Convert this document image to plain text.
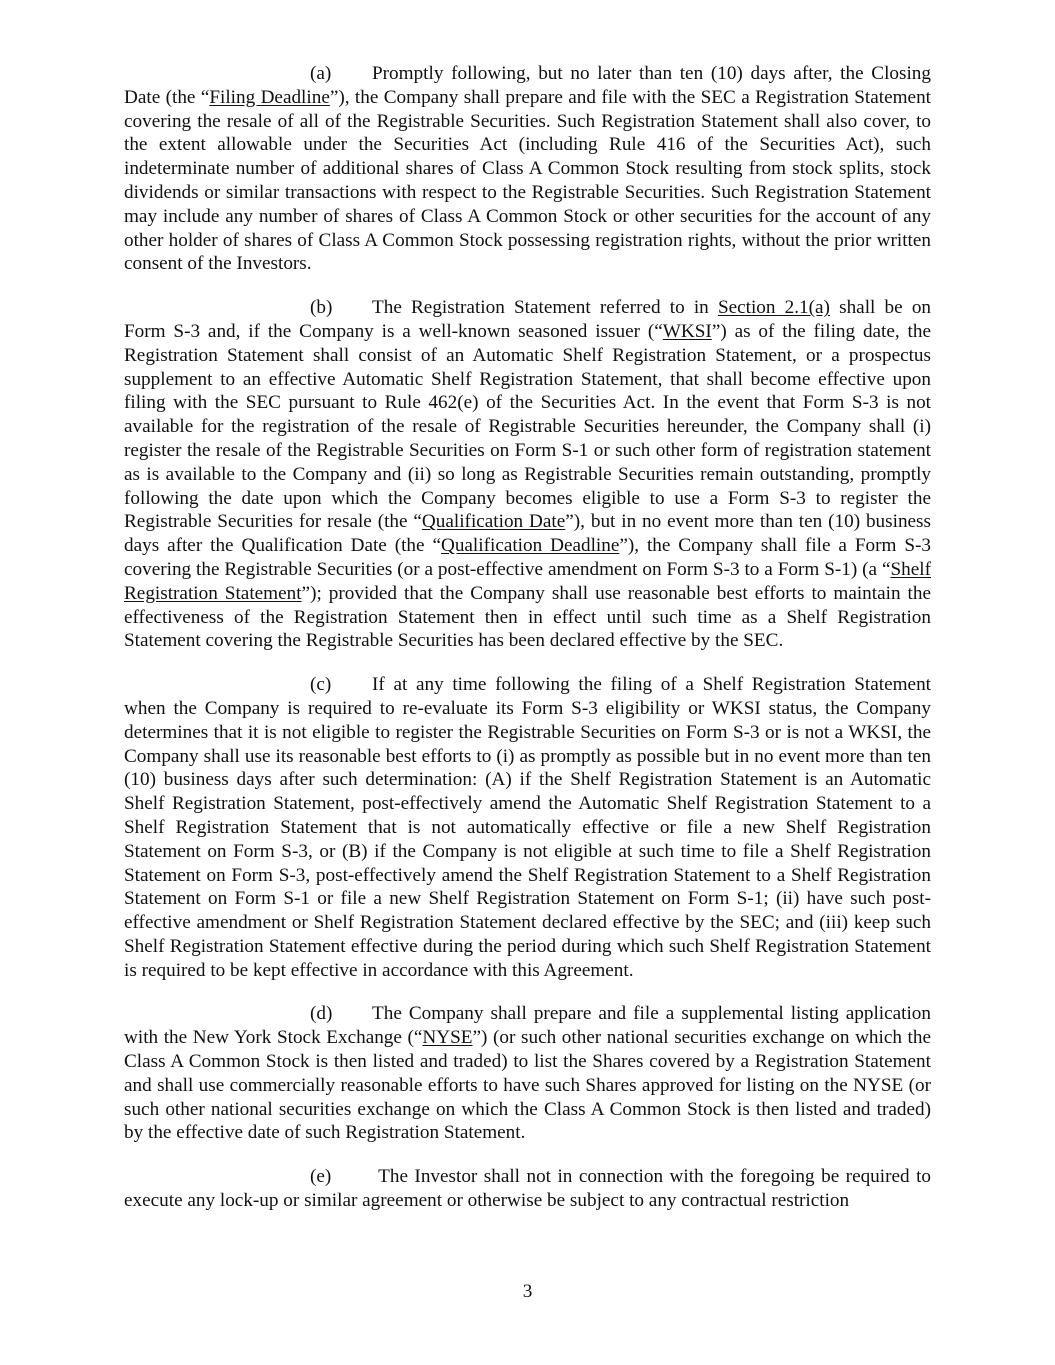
(a) Promptly following, but no later than ten (10) days after, the Closing Date (the “Filing Deadline”), the Company shall prepare and file with the SEC a Registration Statement covering the resale of all of the Registrable Securities. Such Registration Statement shall also cover, to the extent allowable under the Securities Act (including Rule 416 of the Securities Act), such indeterminate number of additional shares of Class A Common Stock resulting from stock splits, stock dividends or similar transactions with respect to the Registrable Securities. Such Registration Statement may include any number of shares of Class A Common Stock or other securities for the account of any other holder of shares of Class A Common Stock possessing registration rights, without the prior written consent of the Investors.

(b) The Registration Statement referred to in Section 2.1(a) shall be on Form S-3 and, if the Company is a well-known seasoned issuer (“WKSI”) as of the filing date, the Registration Statement shall consist of an Automatic Shelf Registration Statement, or a prospectus supplement to an effective Automatic Shelf Registration Statement, that shall become effective upon filing with the SEC pursuant to Rule 462(e) of the Securities Act. In the event that Form S-3 is not available for the registration of the resale of Registrable Securities hereunder, the Company shall (i) register the resale of the Registrable Securities on Form S-1 or such other form of registration statement as is available to the Company and (ii) so long as Registrable Securities remain outstanding, promptly following the date upon which the Company becomes eligible to use a Form S-3 to register the Registrable Securities for resale (the “Qualification Date”), but in no event more than ten (10) business days after the Qualification Date (the “Qualification Deadline”), the Company shall file a Form S-3 covering the Registrable Securities (or a post-effective amendment on Form S-3 to a Form S-1) (a “Shelf Registration Statement”); provided that the Company shall use reasonable best efforts to maintain the effectiveness of the Registration Statement then in effect until such time as a Shelf Registration Statement covering the Registrable Securities has been declared effective by the SEC.

(c) If at any time following the filing of a Shelf Registration Statement when the Company is required to re-evaluate its Form S-3 eligibility or WKSI status, the Company determines that it is not eligible to register the Registrable Securities on Form S-3 or is not a WKSI, the Company shall use its reasonable best efforts to (i) as promptly as possible but in no event more than ten (10) business days after such determination: (A) if the Shelf Registration Statement is an Automatic Shelf Registration Statement, post-effectively amend the Automatic Shelf Registration Statement to a Shelf Registration Statement that is not automatically effective or file a new Shelf Registration Statement on Form S-3, or (B) if the Company is not eligible at such time to file a Shelf Registration Statement on Form S-3, post-effectively amend the Shelf Registration Statement to a Shelf Registration Statement on Form S-1 or file a new Shelf Registration Statement on Form S-1; (ii) have such post-effective amendment or Shelf Registration Statement declared effective by the SEC; and (iii) keep such Shelf Registration Statement effective during the period during which such Shelf Registration Statement is required to be kept effective in accordance with this Agreement.

(d) The Company shall prepare and file a supplemental listing application with the New York Stock Exchange (“NYSE”) (or such other national securities exchange on which the Class A Common Stock is then listed and traded) to list the Shares covered by a Registration Statement and shall use commercially reasonable efforts to have such Shares approved for listing on the NYSE (or such other national securities exchange on which the Class A Common Stock is then listed and traded) by the effective date of such Registration Statement.

(e) The Investor shall not in connection with the foregoing be required to execute any lock-up or similar agreement or otherwise be subject to any contractual restriction

3
